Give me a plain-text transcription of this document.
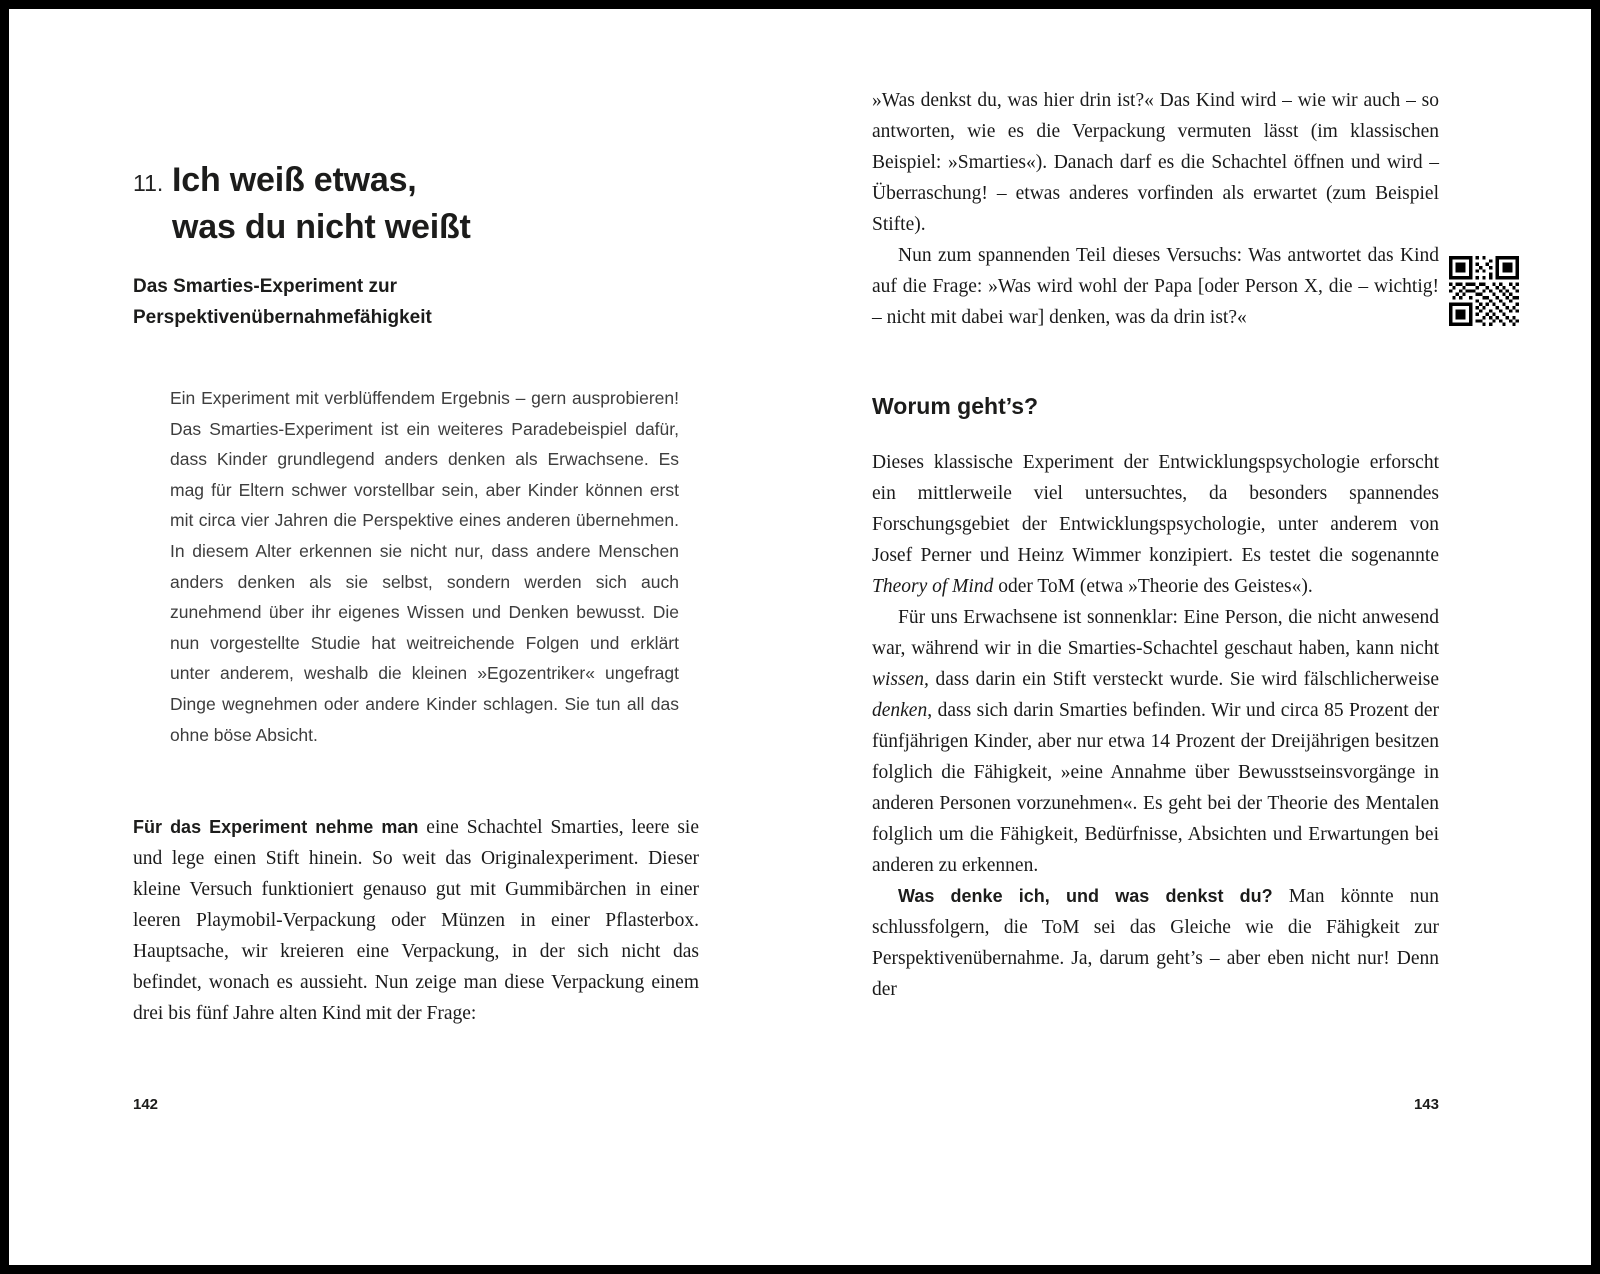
11. Ich weiß etwas,
was du nicht weißt
Das Smarties-Experiment zur
Perspektivenübernahmefähigkeit

Ein Experiment mit verblüffendem Ergebnis – gern ausprobieren! Das Smarties-Experiment ist ein weiteres Paradebeispiel dafür, dass Kinder grundlegend anders denken als Erwachsene. Es mag für Eltern schwer vorstellbar sein, aber Kinder können erst mit circa vier Jahren die Perspektive eines anderen übernehmen. In diesem Alter erkennen sie nicht nur, dass andere Menschen anders denken als sie selbst, sondern werden sich auch zunehmend über ihr eigenes Wissen und Denken bewusst. Die nun vorgestellte Studie hat weitreichende Folgen und erklärt unter anderem, weshalb die kleinen »Egozentriker« ungefragt Dinge wegnehmen oder andere Kinder schlagen. Sie tun all das ohne böse Absicht.

Für das Experiment nehme man eine Schachtel Smarties, leere sie und lege einen Stift hinein. So weit das Originalexperiment. Dieser kleine Versuch funktioniert genauso gut mit Gummibärchen in einer leeren Playmobil-Verpackung oder Münzen in einer Pflasterbox. Hauptsache, wir kreieren eine Verpackung, in der sich nicht das befindet, wonach es aussieht. Nun zeige man diese Verpackung einem drei bis fünf Jahre alten Kind mit der Frage:

142

»Was denkst du, was hier drin ist?« Das Kind wird – wie wir auch – so antworten, wie es die Verpackung vermuten lässt (im klassischen Beispiel: »Smarties«). Danach darf es die Schachtel öffnen und wird – Überraschung! – etwas anderes vorfinden als erwartet (zum Beispiel Stifte).

Nun zum spannenden Teil dieses Versuchs: Was antwortet das Kind auf die Frage: »Was wird wohl der Papa [oder Person X, die – wichtig! – nicht mit dabei war] denken, was da drin ist?«

Worum geht’s?

Dieses klassische Experiment der Entwicklungspsychologie erforscht ein mittlerweile viel untersuchtes, da besonders spannendes Forschungsgebiet der Entwicklungspsychologie, unter anderem von Josef Perner und Heinz Wimmer konzipiert. Es testet die sogenannte Theory of Mind oder ToM (etwa »Theorie des Geistes«).

Für uns Erwachsene ist sonnenklar: Eine Person, die nicht anwesend war, während wir in die Smarties-Schachtel geschaut haben, kann nicht wissen, dass darin ein Stift versteckt wurde. Sie wird fälschlicherweise denken, dass sich darin Smarties befinden. Wir und circa 85 Prozent der fünfjährigen Kinder, aber nur etwa 14 Prozent der Dreijährigen besitzen folglich die Fähigkeit, »eine Annahme über Bewusstseinsvorgänge in anderen Personen vorzunehmen«. Es geht bei der Theorie des Mentalen folglich um die Fähigkeit, Bedürfnisse, Absichten und Erwartungen bei anderen zu erkennen.

Was denke ich, und was denkst du? Man könnte nun schlussfolgern, die ToM sei das Gleiche wie die Fähigkeit zur Perspektivenübernahme. Ja, darum geht’s – aber eben nicht nur! Denn der

143
